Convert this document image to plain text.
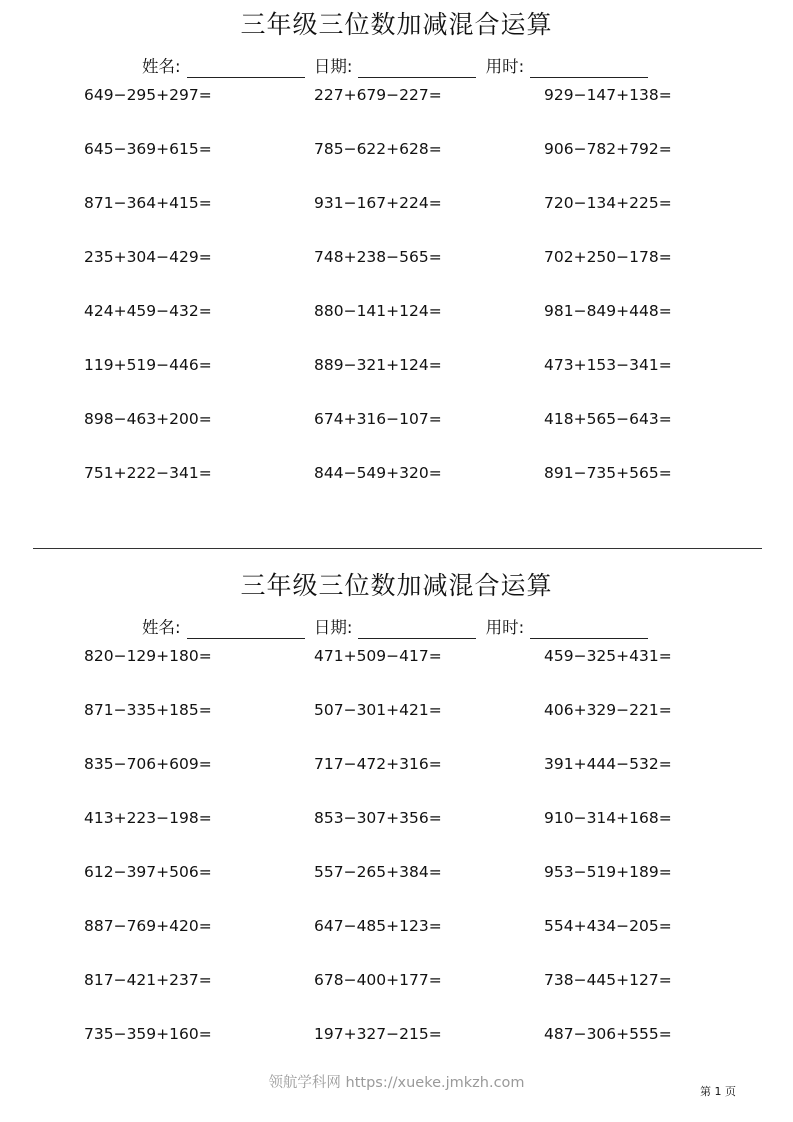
三年级三位数加减混合运算
姓名:	日期:	用时:
649−295+297=	227+679−227=	929−147+138=
645−369+615=	785−622+628=	906−782+792=
871−364+415=	931−167+224=	720−134+225=
235+304−429=	748+238−565=	702+250−178=
424+459−432=	880−141+124=	981−849+448=
119+519−446=	889−321+124=	473+153−341=
898−463+200=	674+316−107=	418+565−643=
751+222−341=	844−549+320=	891−735+565=
三年级三位数加减混合运算
姓名:	日期:	用时:
820−129+180=	471+509−417=	459−325+431=
871−335+185=	507−301+421=	406+329−221=
835−706+609=	717−472+316=	391+444−532=
413+223−198=	853−307+356=	910−314+168=
612−397+506=	557−265+384=	953−519+189=
887−769+420=	647−485+123=	554+434−205=
817−421+237=	678−400+177=	738−445+127=
735−359+160=	197+327−215=	487−306+555=
领航学科网 https://xueke.jmkzh.com
第 1 页
